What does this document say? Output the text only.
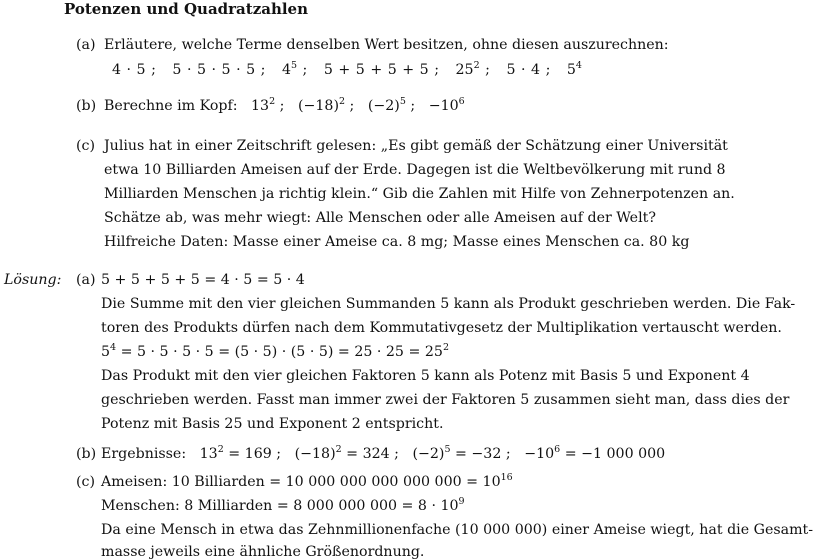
Potenzen und Quadratzahlen
(a) Erläutere, welche Terme denselben Wert besitzen, ohne diesen auszurechnen:
4 · 5 ; 5 · 5 · 5 · 5 ; $4^5$ ; 5 + 5 + 5 + 5 ; $25^2$ ; 5 · 4 ; $5^4$
(b) Berechne im Kopf: $13^2$ ;   $(-18)^2$ ;   $(-2)^5$ ;   $-10^6$
(c) Julius hat in einer Zeitschrift gelesen: „Es gibt gemäß der Schätzung einer Universität
etwa 10 Billiarden Ameisen auf der Erde. Dagegen ist die Weltbevölkerung mit rund 8
Milliarden Menschen ja richtig klein.“ Gib die Zahlen mit Hilfe von Zehnerpotenzen an.
Schätze ab, was mehr wiegt: Alle Menschen oder alle Ameisen auf der Welt?
Hilfreiche Daten: Masse einer Ameise ca. 8 mg; Masse eines Menschen ca. 80 kg
Lösung: (a) 5 + 5 + 5 + 5 = 4 · 5 = 5 · 4
Die Summe mit den vier gleichen Summanden 5 kann als Produkt geschrieben werden. Die Fak-
toren des Produkts dürfen nach dem Kommutativgesetz der Multiplikation vertauscht werden.
$5^4 = 5 \cdot 5 \cdot 5 \cdot 5 = (5 \cdot 5) \cdot (5 \cdot 5) = 25 \cdot 25 = 25^2$
Das Produkt mit den vier gleichen Faktoren 5 kann als Potenz mit Basis 5 und Exponent 4
geschrieben werden. Fasst man immer zwei der Faktoren 5 zusammen sieht man, dass dies der
Potenz mit Basis 25 und Exponent 2 entspricht.
(b) Ergebnisse: $13^2 = 169$ ;   $(-18)^2 = 324$ ;   $(-2)^5 = -32$ ;   $-10^6 = -1$ 000 000
(c) Ameisen: 10 Billiarden = 10 000 000 000 000 $000 = 10^{16}$
Menschen: 8 Milliarden = 8 000 000 $000 = 8 \cdot 10^9$
Da eine Mensch in etwa das Zehnmillionenfache (10 000 000) einer Ameise wiegt, hat die Gesamt-
masse jeweils eine ähnliche Größenordnung.
